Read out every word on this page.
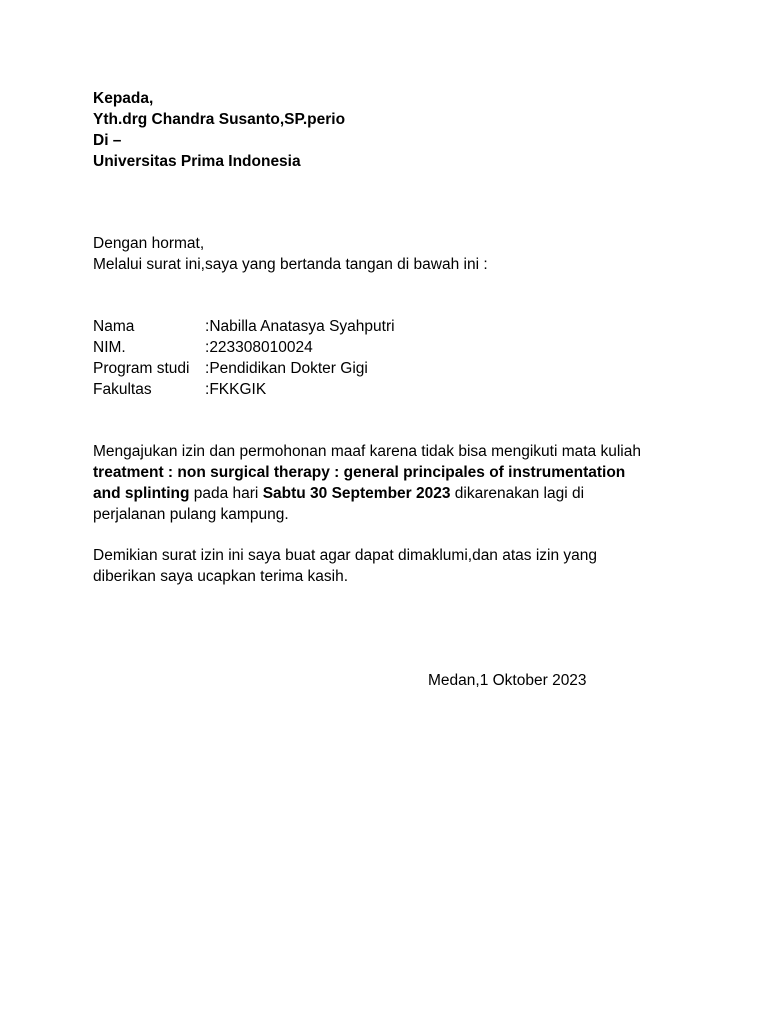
Kepada,
Yth.drg Chandra Susanto,SP.perio
Di –
Universitas Prima Indonesia
Dengan hormat,
Melalui surat ini,saya yang bertanda tangan di bawah ini :
Nama	:Nabilla Anatasya Syahputri
NIM.	:223308010024
Program studi :Pendidikan Dokter Gigi
Fakultas	:FKKGIK

Mengajukan izin dan permohonan maaf karena tidak bisa mengikuti mata kuliah treatment : non surgical therapy : general principales of instrumentation and splinting pada hari Sabtu 30 September 2023 dikarenakan lagi di perjalanan pulang kampung.

Demikian surat izin ini saya buat agar dapat dimaklumi,dan atas izin yang diberikan saya ucapkan terima kasih.

Medan,1 Oktober 2023
